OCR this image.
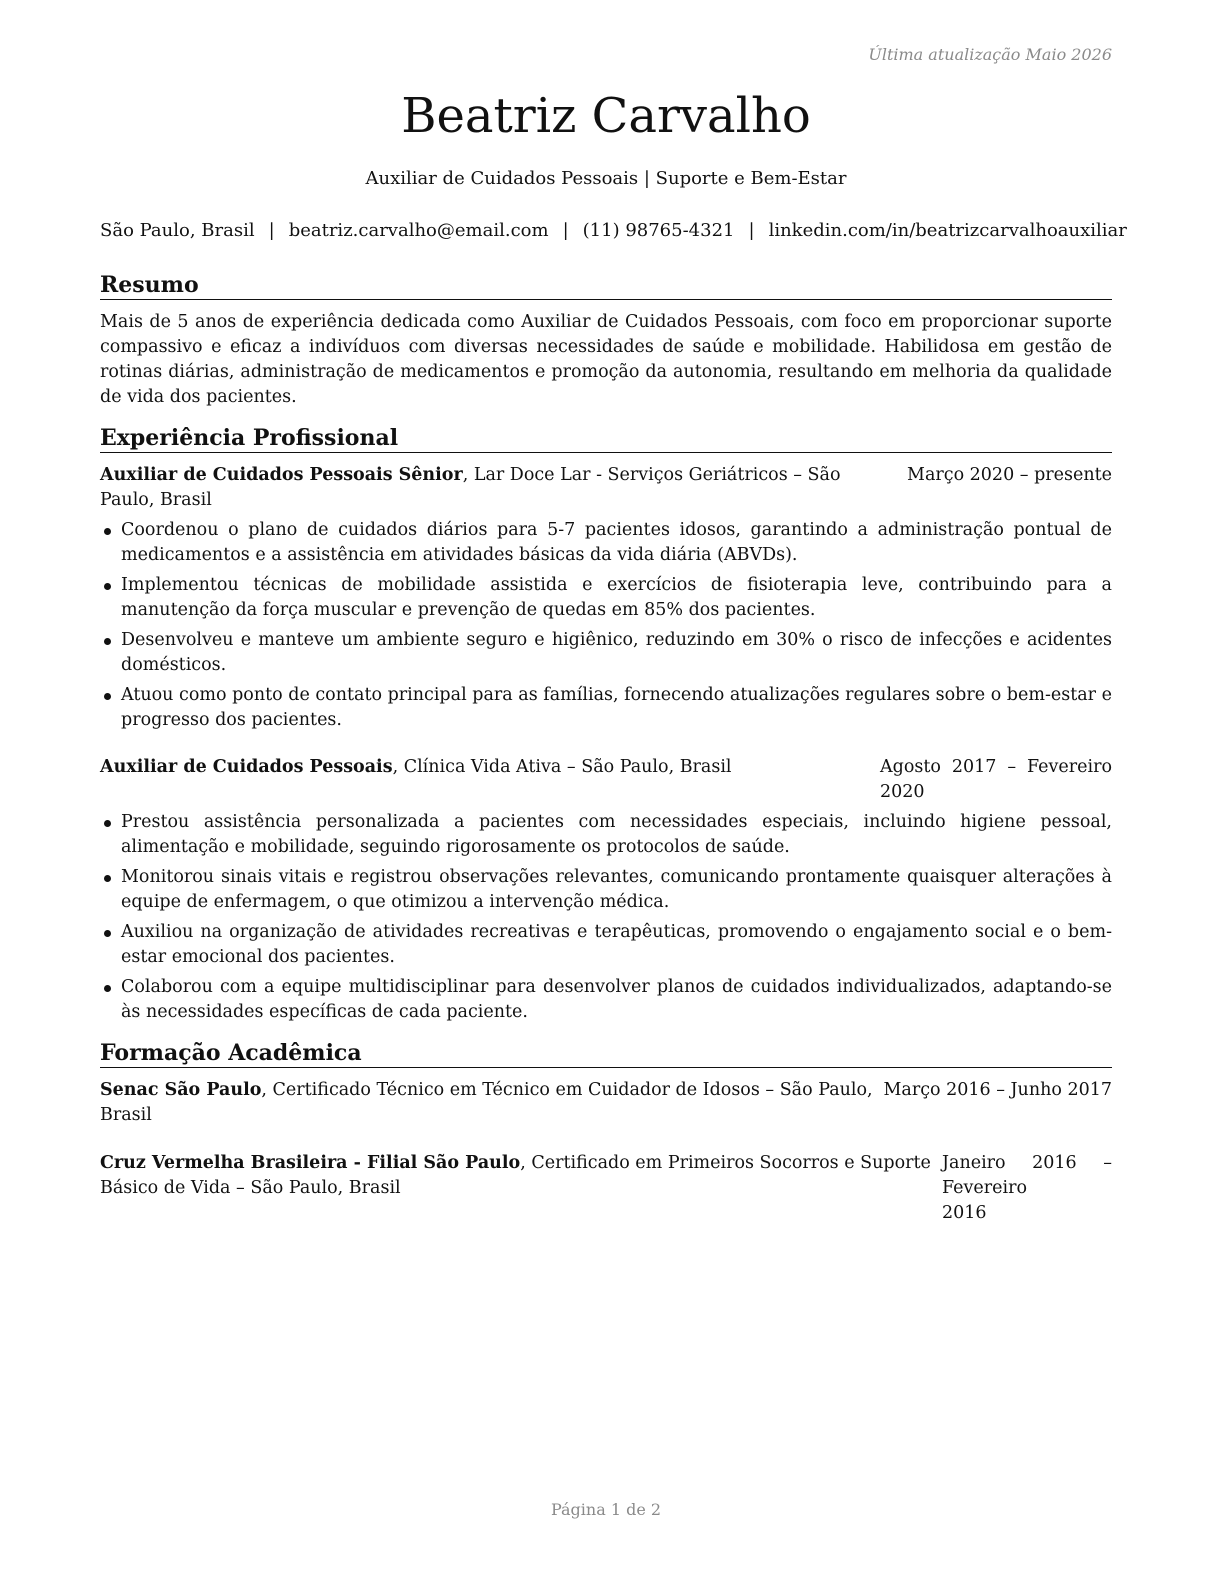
Última atualização Maio 2026
Beatriz Carvalho
Auxiliar de Cuidados Pessoais | Suporte e Bem-Estar
São Paulo, Brasil | beatriz.carvalho@email.com | (11) 98765-4321 | linkedin.com/in/beatrizcarvalhoauxiliar
Resumo

Mais de 5 anos de experiência dedicada como Auxiliar de Cuidados Pessoais, com foco em proporcionar suporte compassivo e eficaz a indivíduos com diversas necessidades de saúde e mobilidade. Habilidosa em gestão de rotinas diárias, administração de medicamentos e promoção da autonomia, resultando em melhoria da qualidade de vida dos pacientes.

Experiência Profissional
Auxiliar de Cuidados Pessoais Sênior, Lar Doce Lar - Serviços Geriátricos – São Paulo, Brasil
Março 2020 – presente
Coordenou o plano de cuidados diários para 5-7 pacientes idosos, garantindo a administração pontual de medicamentos e a assistência em atividades básicas da vida diária (ABVDs).
Implementou técnicas de mobilidade assistida e exercícios de fisioterapia leve, contribuindo para a manutenção da força muscular e prevenção de quedas em 85% dos pacientes.
Desenvolveu e manteve um ambiente seguro e higiênico, reduzindo em 30% o risco de infecções e acidentes domésticos.
Atuou como ponto de contato principal para as famílias, fornecendo atualizações regulares sobre o bem-estar e progresso dos pacientes.
Auxiliar de Cuidados Pessoais, Clínica Vida Ativa – São Paulo, Brasil	Agosto 2017 – Fevereiro
2020
Prestou assistência personalizada a pacientes com necessidades especiais, incluindo higiene pessoal, alimentação e mobilidade, seguindo rigorosamente os protocolos de saúde.
Monitorou sinais vitais e registrou observações relevantes, comunicando prontamente quaisquer alterações à equipe de enfermagem, o que otimizou a intervenção médica.
Auxiliou na organização de atividades recreativas e terapêuticas, promovendo o engajamento social e o bem-estar emocional dos pacientes.
Colaborou com a equipe multidisciplinar para desenvolver planos de cuidados individualizados, adaptando-se às necessidades específicas de cada paciente.
Formação Acadêmica
Senac São Paulo, Certificado Técnico em Técnico em Cuidador de Idosos – São Paulo, Brasil
Março 2016 – Junho 2017
Cruz Vermelha Brasileira - Filial São Paulo, Certificado em Primeiros Socorros e Suporte Básico de Vida – São Paulo, Brasil
Janeiro 2016 – Fevereiro
2016
Página 1 de 2
